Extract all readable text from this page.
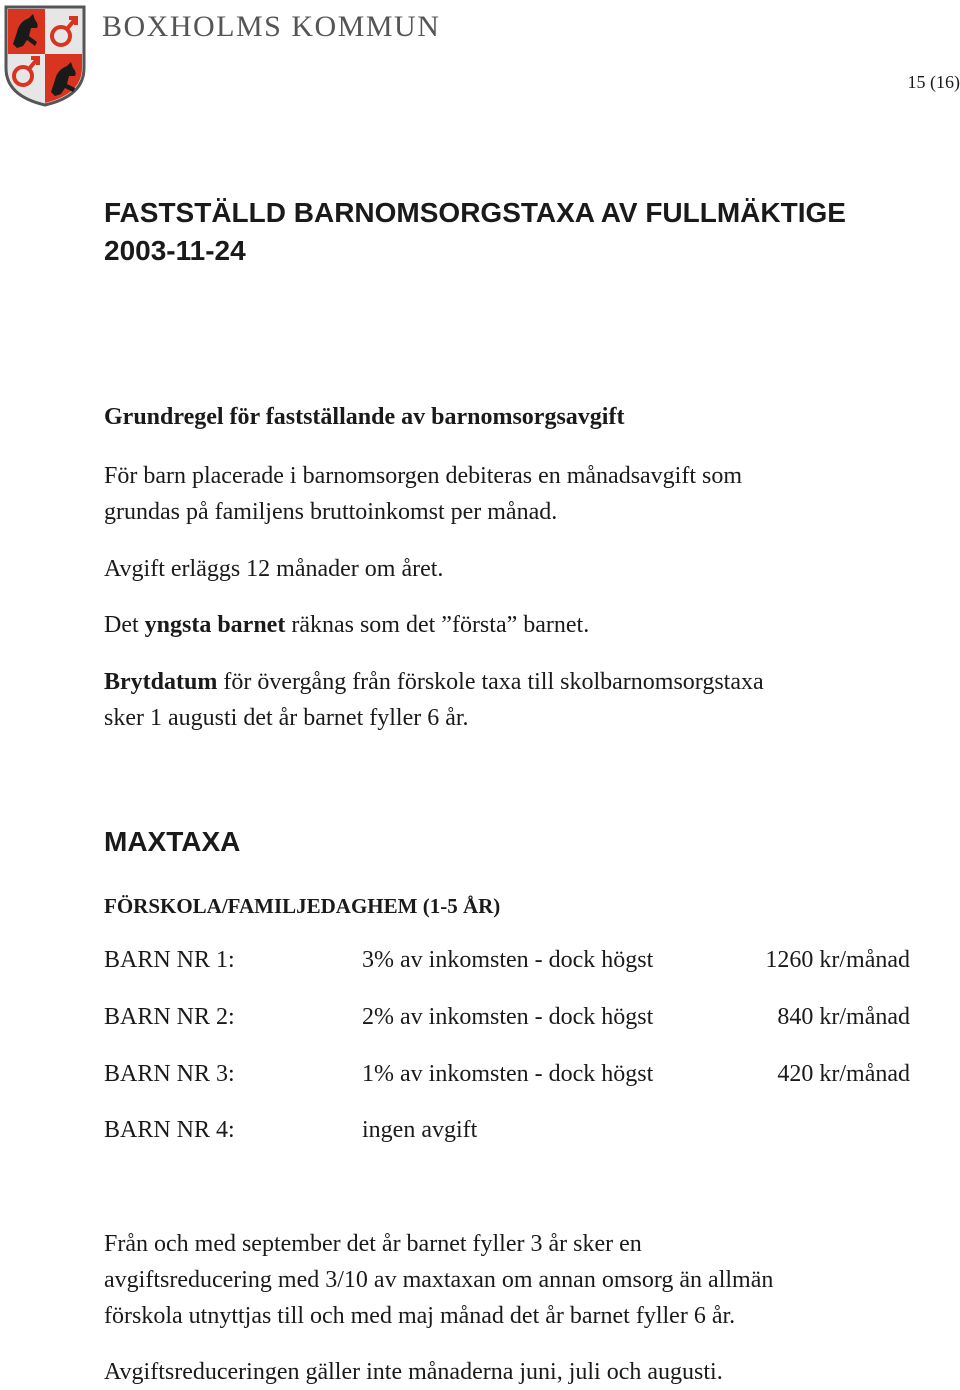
BOXHOLMS KOMMUN
15 (16)
FASTSTÄLLD BARNOMSORGSTAXA AV FULLMÄKTIGE
2003-11-24
Grundregel för fastställande av barnomsorgsavgift

För barn placerade i barnomsorgen debiteras en månadsavgift som
grundas på familjens bruttoinkomst per månad.

Avgift erläggs 12 månader om året.

Det yngsta barnet räknas som det ”första” barnet.

Brytdatum för övergång från förskole taxa till skolbarnomsorgstaxa
sker 1 augusti det år barnet fyller 6 år.

MAXTAXA
FÖRSKOLA/FAMILJEDAGHEM (1-5 ÅR)
BARN NR 1:	3% av inkomsten - dock högst	1260 kr/månad
BARN NR 2:	2% av inkomsten - dock högst	840 kr/månad
BARN NR 3:	1% av inkomsten - dock högst	420 kr/månad
BARN NR 4:	ingen avgift

Från och med september det år barnet fyller 3 år sker en
avgiftsreducering med 3/10 av maxtaxan om annan omsorg än allmän
förskola utnyttjas till och med maj månad det år barnet fyller 6 år.

Avgiftsreduceringen gäller inte månaderna juni, juli och augusti.
